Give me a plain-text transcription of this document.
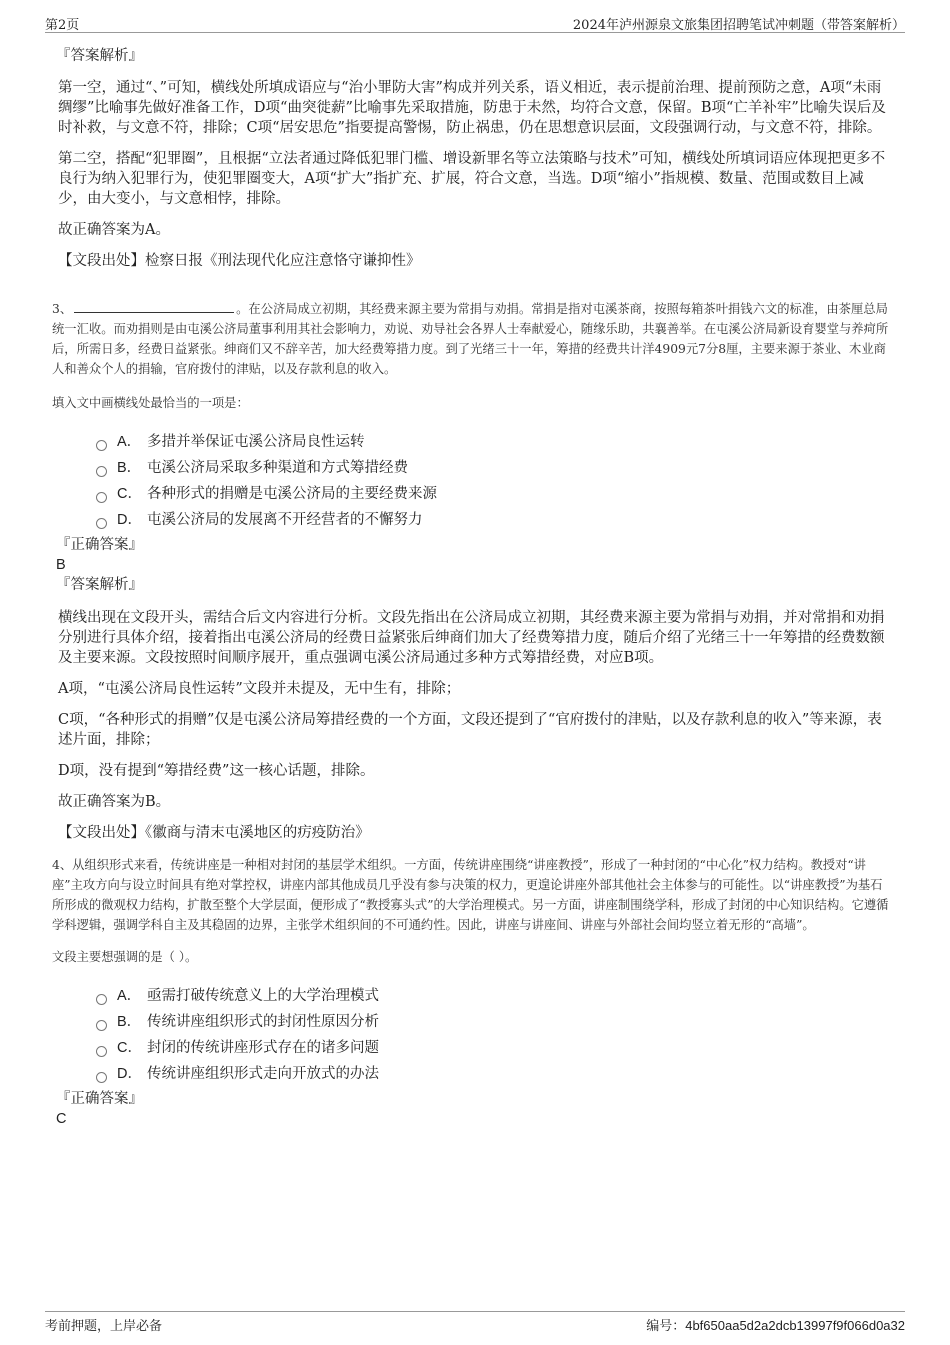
第2页	2024年泸州源泉文旅集团招聘笔试冲刺题（带答案解析）

『答案解析』

第一空，通过“、”可知，横线处所填成语应与“治小罪防大害”构成并列关系，语义相近，表示提前治理、提前预防之意，A项“未雨绸缪”比喻事先做好准备工作，D项“曲突徙薪”比喻事先采取措施，防患于未然，均符合文意，保留。B项“亡羊补牢”比喻失误后及时补救，与文意不符，排除；C项“居安思危”指要提高警惕，防止祸患，仍在思想意识层面，文段强调行动，与文意不符，排除。

第二空，搭配“犯罪圈”，且根据“立法者通过降低犯罪门槛、增设新罪名等立法策略与技术”可知，横线处所填词语应体现把更多不良行为纳入犯罪行为，使犯罪圈变大，A项“扩大”指扩充、扩展，符合文意，当选。D项“缩小”指规模、数量、范围或数目上减少，由大变小，与文意相悖，排除。

故正确答案为A。

【文段出处】检察日报《刑法现代化应注意恪守谦抑性》

3、	。在公济局成立初期，其经费来源主要为常捐与劝捐。常捐是指对屯溪茶商，按照每箱茶叶捐钱六文的标准，由茶厘总局统一汇收。而劝捐则是由屯溪公济局董事利用其社会影响力，劝说、劝导社会各界人士奉献爱心，随缘乐助，共襄善举。在屯溪公济局新设育婴堂与养疴所后，所需日多，经费日益紧张。绅商们又不辞辛苦，加大经费筹措力度。到了光绪三十一年，筹措的经费共计洋4909元7分8厘，主要来源于茶业、木业商人和善众个人的捐输，官府拨付的津贴，以及存款利息的收入。

填入文中画横线处最恰当的一项是：

A． 多措并举保证屯溪公济局良性运转
B． 屯溪公济局采取多种渠道和方式筹措经费
C． 各种形式的捐赠是屯溪公济局的主要经费来源
D． 屯溪公济局的发展离不开经营者的不懈努力

『正确答案』

B

『答案解析』

横线出现在文段开头，需结合后文内容进行分析。文段先指出在公济局成立初期，其经费来源主要为常捐与劝捐，并对常捐和劝捐分别进行具体介绍，接着指出屯溪公济局的经费日益紧张后绅商们加大了经费筹措力度，随后介绍了光绪三十一年筹措的经费数额及主要来源。文段按照时间顺序展开，重点强调屯溪公济局通过多种方式筹措经费，对应B项。

A项，“屯溪公济局良性运转”文段并未提及，无中生有，排除；

C项，“各种形式的捐赠”仅是屯溪公济局筹措经费的一个方面，文段还提到了“官府拨付的津贴，以及存款利息的收入”等来源，表述片面，排除；

D项，没有提到“筹措经费”这一核心话题，排除。

故正确答案为B。

【文段出处】《徽商与清末屯溪地区的疠疫防治》

4、从组织形式来看，传统讲座是一种相对封闭的基层学术组织。一方面，传统讲座围绕“讲座教授”，形成了一种封闭的“中心化”权力结构。教授对“讲座”主攻方向与设立时间具有绝对掌控权，讲座内部其他成员几乎没有参与决策的权力，更遑论讲座外部其他社会主体参与的可能性。以“讲座教授”为基石所形成的微观权力结构，扩散至整个大学层面，便形成了“教授寡头式”的大学治理模式。另一方面，讲座制围绕学科，形成了封闭的中心知识结构。它遵循学科逻辑，强调学科自主及其稳固的边界，主张学术组织间的不可通约性。因此，讲座与讲座间、讲座与外部社会间均竖立着无形的“高墙”。

文段主要想强调的是（ ）。

A． 亟需打破传统意义上的大学治理模式
B． 传统讲座组织形式的封闭性原因分析
C． 封闭的传统讲座形式存在的诸多问题
D． 传统讲座组织形式走向开放式的办法

『正确答案』

C

考前押题，上岸必备	编号：4bf650aa5d2a2dcb13997f9f066d0a32
